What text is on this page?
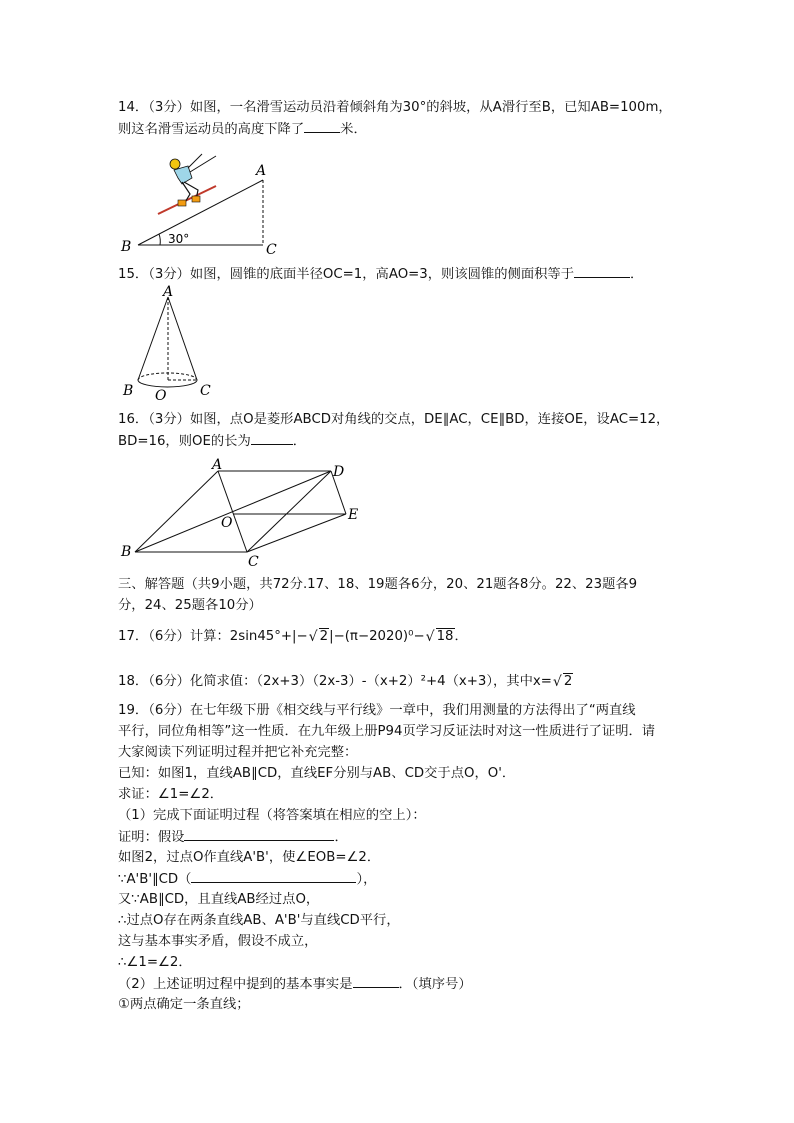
14．（3分）如图，一名滑雪运动员沿着倾斜角为30°的斜坡，从A滑行至B，已知AB=100m，
则这名滑雪运动员的高度下降了	米．
B	C
A
30°
15．（3分）如图，圆锥的底面半径OC=1，高AO=3，则该圆锥的侧面积等于	．
A
B	C
O
16．（3分）如图，点O是菱形ABCD对角线的交点，DE∥AC，CE∥BD，连接OE，设AC=12，
BD=16，则OE的长为	．
A	D
E
O
B
C
三、解答题（共9小题，共72分.17、18、19题各6分，20、21题各8分。22、23题各9
分，24、25题各10分）
17．（6分）计算：2sin45°+|− √ 2|−(π−2020)⁰− √ 18．
18．（6分）化简求值：（2x+3）（2x-3）-（x+2）²+4（x+3），其中x= √ 2
19．（6分）在七年级下册《相交线与平行线》一章中，我们用测量的方法得出了“两直线
平行，同位角相等”这一性质．在九年级上册P94页学习反证法时对这一性质进行了证明．请
大家阅读下列证明过程并把它补充完整：
已知：如图1，直线AB∥CD，直线EF分别与AB、CD交于点O，O'．
求证：∠1=∠2．
（1）完成下面证明过程（将答案填在相应的空上）：
证明：假设	．
如图2，过点O作直线A'B'，使∠EOB=∠2．
∵A'B'∥CD（	），
又∵AB∥CD，且直线AB经过点O，
∴过点O存在两条直线AB、A'B'与直线CD平行，
这与基本事实矛盾，假设不成立，
∴∠1=∠2．
（2）上述证明过程中提到的基本事实是	．（填序号）
①两点确定一条直线；
